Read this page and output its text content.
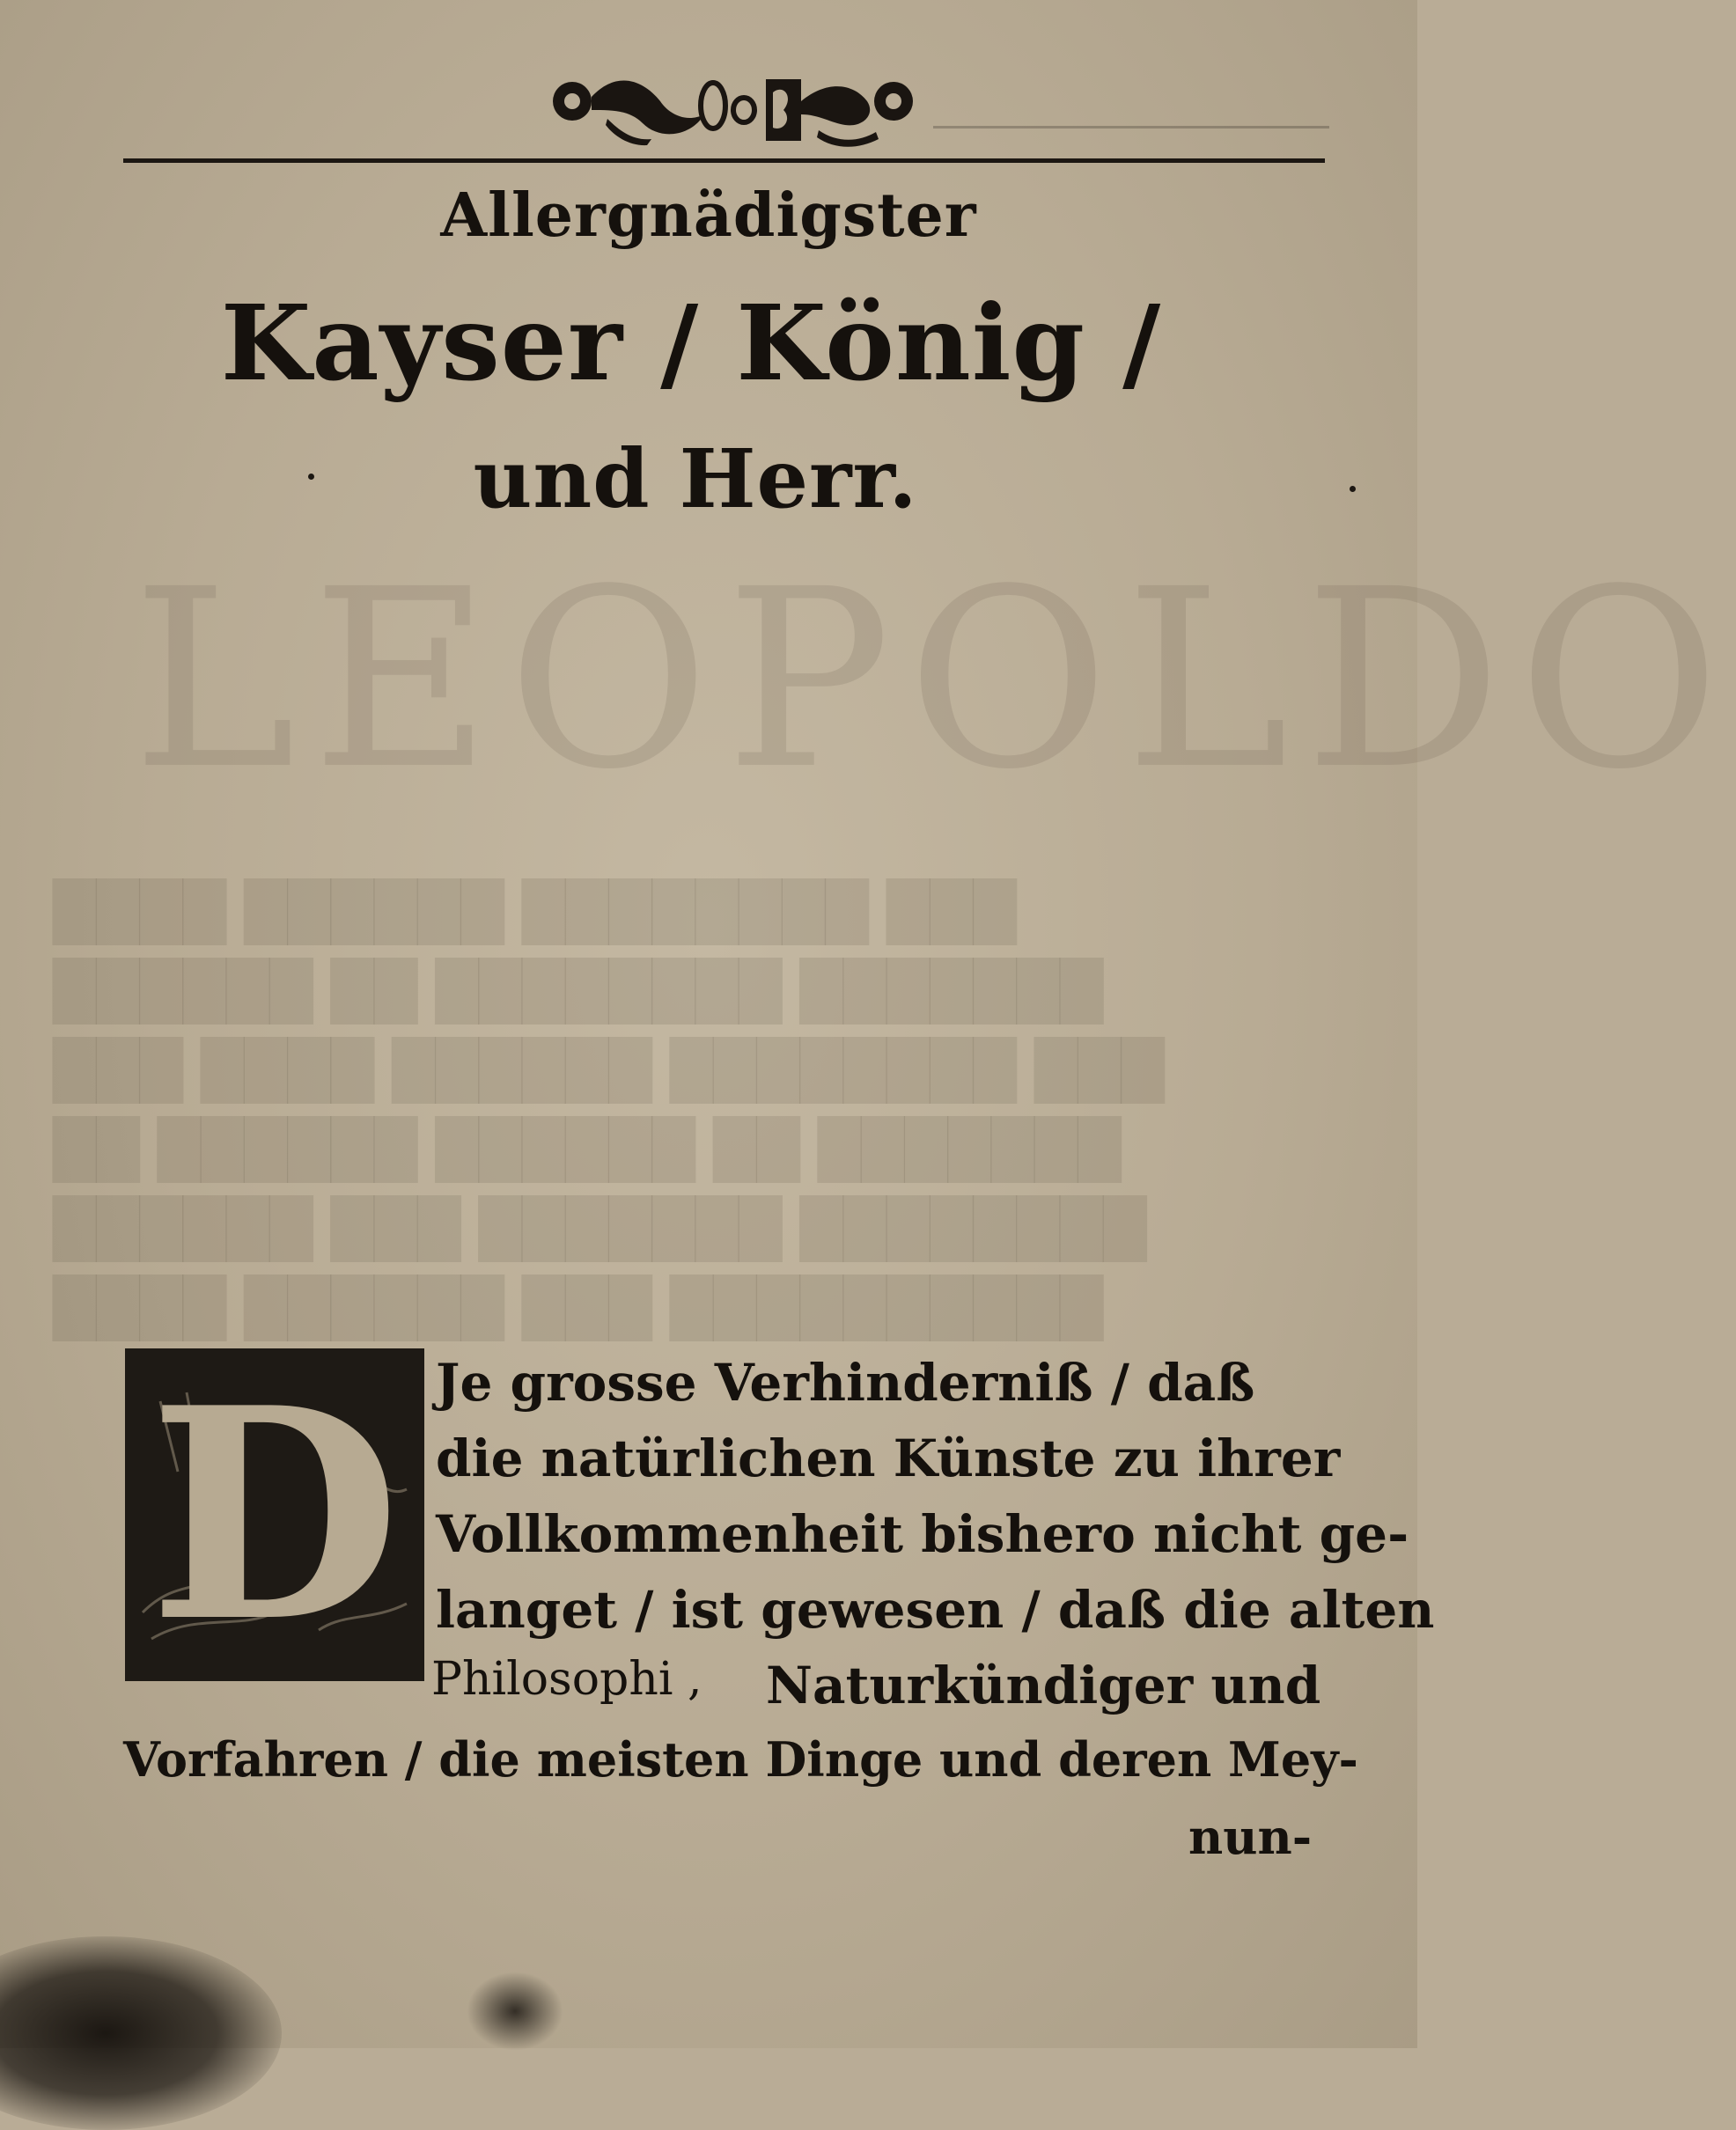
LEOPOLDO
████ ██████ ████████ ███
██████ ██ ████████ ███████
███ ████ ██████ ████████ ███
██ ██████ ██████ ██ ███████
██████ ███ ███████ ████████
████ ██████ ███ ██████████
Allergnädigster
Kayser / König /
und Herr.
D Je grosse Verhinderniß / daß
die natürlichen Künste zu ihrer
Vollkommenheit bishero nicht ge-
langet / ist gewesen / daß die alten
Philosophi , Naturkündiger und
Vorfahren / die meisten Dinge und deren Mey-
nun-
